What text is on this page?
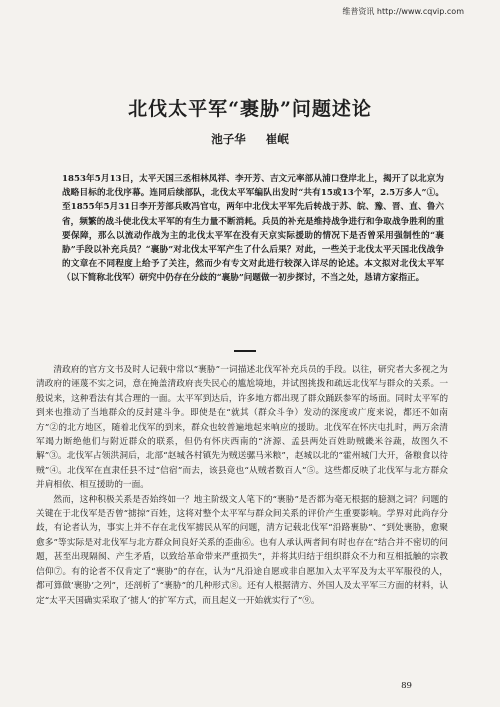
维普资讯 http://www.cqvip.com
北伐太平军“裹胁”问题述论
池子华 崔岷

1853年5月13日，太平天国三丞相林凤祥、李开芳、吉文元率部从浦口登岸北上，揭开了以北京为战略目标的北伐序幕。连同后续部队，北伐太平军编队出发时“共有15或13个军，2.5万多人”①。至1855年5月31日李开芳部兵败冯官屯，两年中北伐太平军先后转战于苏、皖、豫、晋、直、鲁六省，频繁的战斗使北伐太平军的有生力量不断消耗。兵员的补充是维持战争进行和争取战争胜利的重要保障，那么以流动作战为主的北伐太平军在没有天京实际援助的情况下是否曾采用强制性的“裹胁”手段以补充兵员？“裹胁”对北伐太平军产生了什么后果？对此，一些关于北伐太平天国北伐战争的文章在不同程度上给予了关注，然而少有专文对此进行较深入详尽的论述。本文拟对北伐太平军（以下简称北伐军）研究中仍存在分歧的“裹胁”问题做一初步探讨，不当之处，恳请方家指正。

清政府的官方文书及时人记载中常以“裹胁”一词描述北伐军补充兵员的手段。以往，研究者大多视之为清政府的诬蔑不实之词，意在掩盖清政府丧失民心的尴尬境地，并试图挑拨和疏远北伐军与群众的关系。一般说来，这种看法有其合理的一面。太平军到达后，许多地方都出现了群众踊跃参军的场面。同时太平军的到来也推动了当地群众的反封建斗争。即使是在“就其（群众斗争）发动的深度或广度来说，都还不如南方”②的北方地区，随着北伐军的到来，群众也较普遍地起来响应的援助。北伐军在怀庆屯扎时，两万余清军竭力断绝他们与附近群众的联系，但仍有怀庆西南的“济源、孟县两处百姓助贼畿米谷蔬，故图久不解”③。北伐军占领洪洞后，北部“赵城各村镇先为贼送骡马米粮”，赵城以北的“霍州城门大开，备粮食以待贼”④。北伐军在直隶任县不过“信宿”而去，该县竟也“从贼者数百人”⑤。这些都反映了北伐军与北方群众并肩相依、相互援助的一面。

然而，这种积极关系是否始终如一？地主阶级文人笔下的“裹胁”是否都为毫无根据的臆测之词？问题的关键在于北伐军是否曾“掳掠”百姓，这将对整个太平军与群众间关系的评价产生重要影响。学界对此尚存分歧，有论者认为，事实上并不存在北伐军掳民从军的问题，清方记载北伐军“沿路裹胁”、“到处裹胁，愈聚愈多”等实际是对北伐军与北方群众间良好关系的歪曲⑥。也有人承认两者间有时也存在“结合并不密切的问题，甚至出现隔阂、产生矛盾，以致给革命带来严重损失”，并将其归结于组织群众不力和互相抵触的宗教信仰⑦。有的论者不仅肯定了“裹胁”的存在，认为“凡沿途自愿或非自愿加入太平军及为太平军服役的人，都可算做‘裹胁’之列”，还剖析了“裹胁”的几种形式⑧。还有人根据清方、外国人及太平军三方面的材料，认定“太平天国确实采取了‘掳人’的扩军方式，而且起义一开始就实行了”⑨。

89
